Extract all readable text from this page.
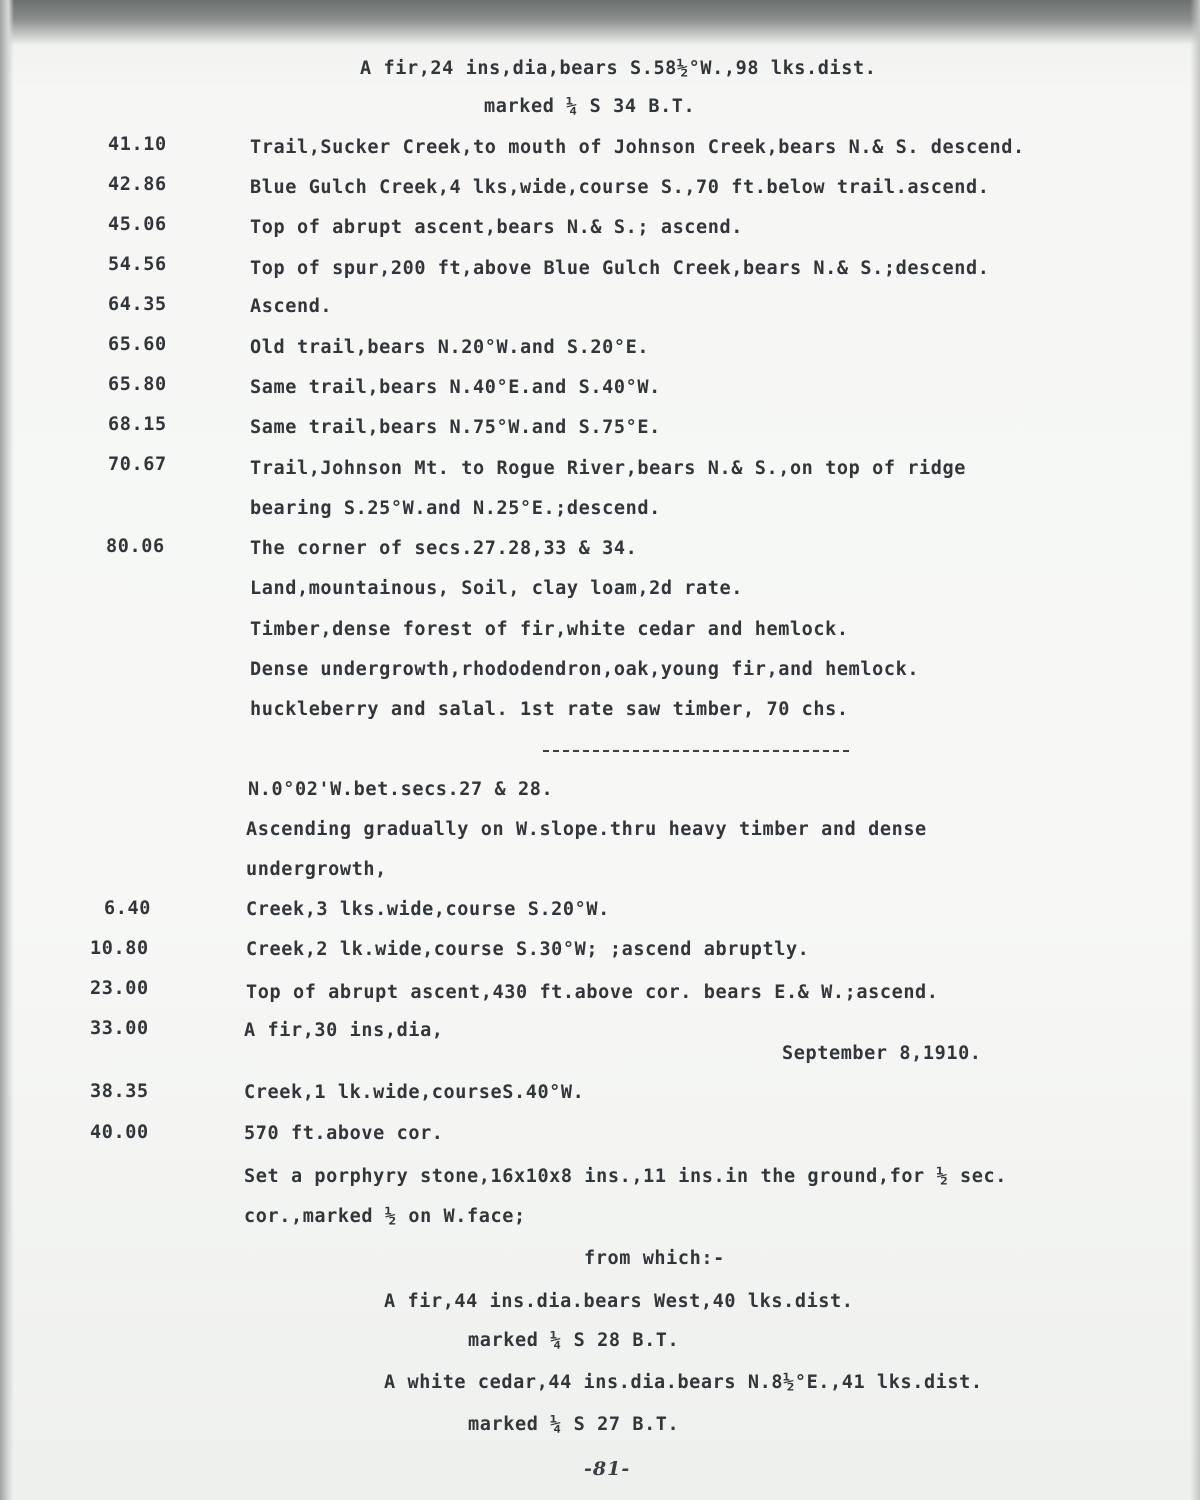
A fir,24 ins,dia,bears S.58½°W.,98 lks.dist.
marked ¼ S 34 B.T.
41.10	Trail,Sucker Creek,to mouth of Johnson Creek,bears N.& S. descend.
42.86	Blue Gulch Creek,4 lks,wide,course S.,70 ft.below trail.ascend.
45.06	Top of abrupt ascent,bears N.& S.; ascend.
54.56	Top of spur,200 ft,above Blue Gulch Creek,bears N.& S.;descend.
64.35	Ascend.
65.60	Old trail,bears N.20°W.and S.20°E.
65.80	Same trail,bears N.40°E.and S.40°W.
68.15	Same trail,bears N.75°W.and S.75°E.
70.67	Trail,Johnson Mt. to Rogue River,bears N.& S.,on top of ridge
bearing S.25°W.and N.25°E.;descend.
80.06	The corner of secs.27.28,33 & 34.
Land,mountainous, Soil, clay loam,2d rate.
Timber,dense forest of fir,white cedar and hemlock.
Dense undergrowth,rhododendron,oak,young fir,and hemlock.
huckleberry and salal. 1st rate saw timber, 70 chs.
N.0°02'W.bet.secs.27 & 28.
Ascending gradually on W.slope.thru heavy timber and dense
undergrowth,
6.40	Creek,3 lks.wide,course S.20°W.
10.80	Creek,2 lk.wide,course S.30°W; ;ascend abruptly.
23.00	Top of abrupt ascent,430 ft.above cor. bears E.& W.;ascend.
33.00	A fir,30 ins,dia,
September 8,1910.
38.35	Creek,1 lk.wide,courseS.40°W.
40.00	570 ft.above cor.
Set a porphyry stone,16x10x8 ins.,11 ins.in the ground,for ½ sec.
cor.,marked ½ on W.face;
from which:-
A fir,44 ins.dia.bears West,40 lks.dist.
marked ¼ S 28 B.T.
A white cedar,44 ins.dia.bears N.8½°E.,41 lks.dist.
marked ¼ S 27 B.T.
-81-
